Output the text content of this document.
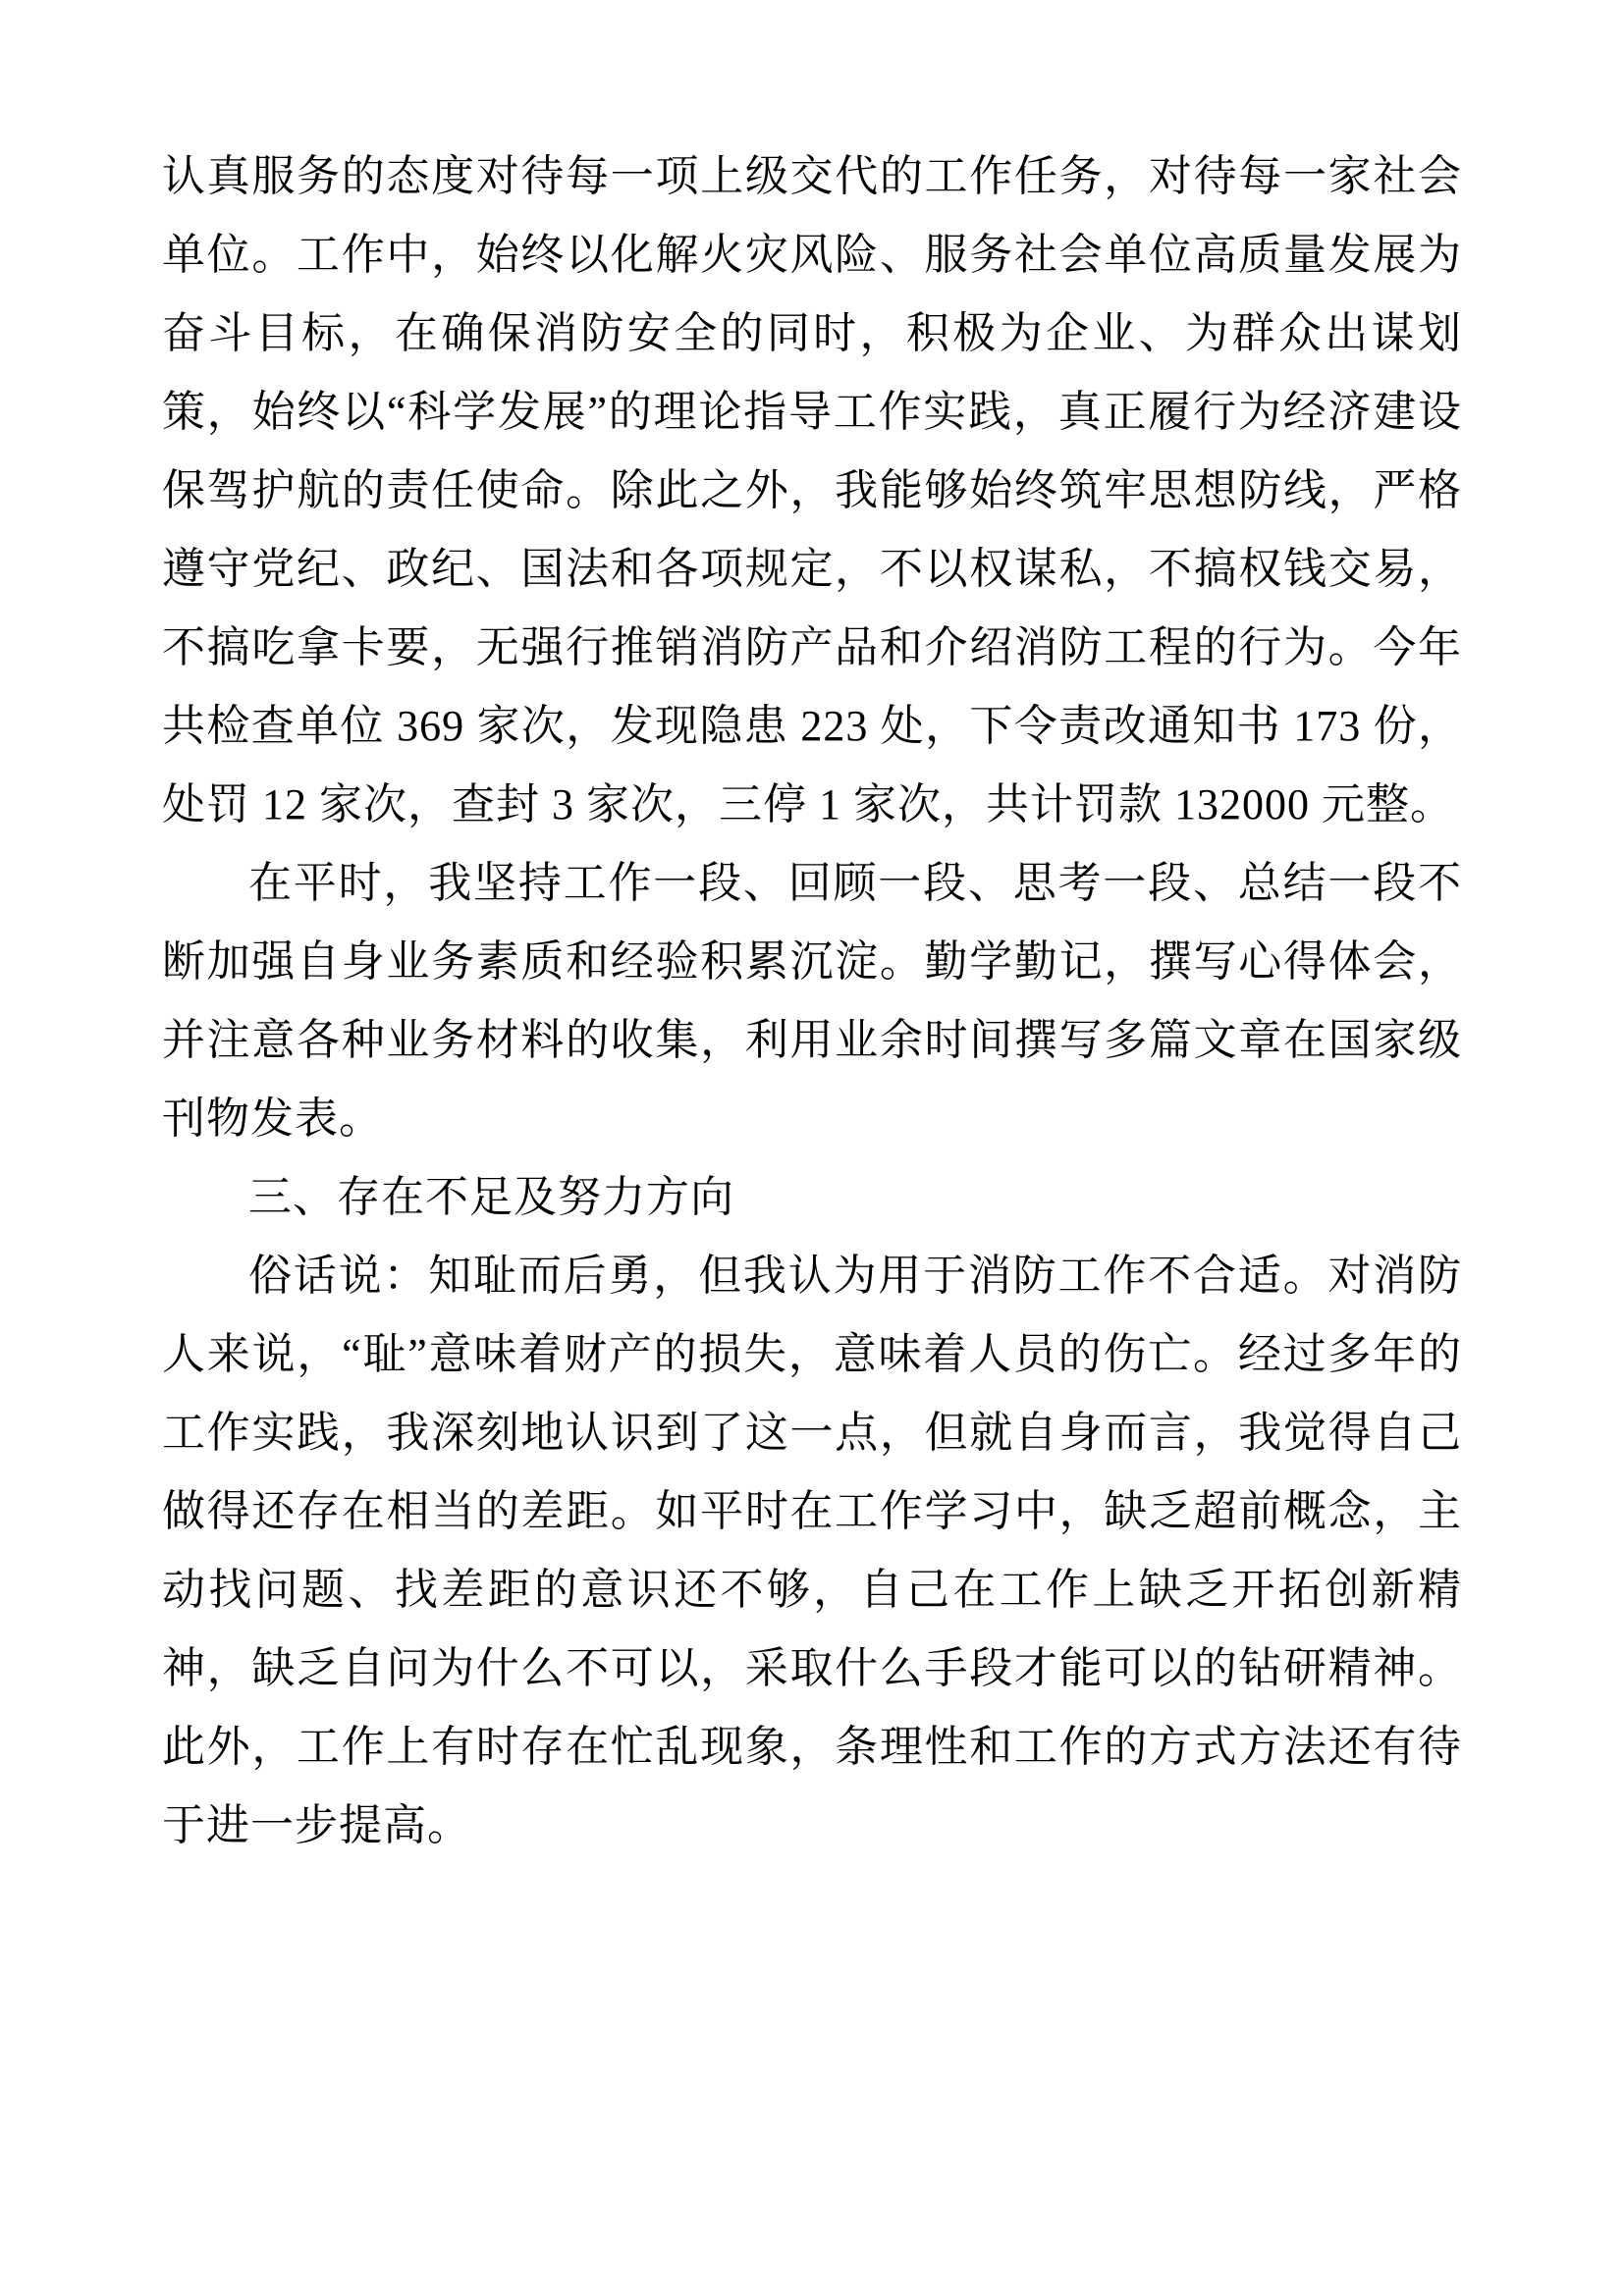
认真服务的态度对待每一项上级交代的工作任务，对待每一家社会单位。工作中，始终以化解火灾风险、服务社会单位高质量发展为奋斗目标，在确保消防安全的同时，积极为企业、为群众出谋划策，始终以“科学发展”的理论指导工作实践，真正履行为经济建设保驾护航的责任使命。除此之外，我能够始终筑牢思想防线，严格遵守党纪、政纪、国法和各项规定，不以权谋私，不搞权钱交易，不搞吃拿卡要，无强行推销消防产品和介绍消防工程的行为。今年共检查单位 369 家次，发现隐患 223 处，下令责改通知书 173 份，处罚 12 家次，查封 3 家次，三停 1 家次，共计罚款 132000 元整。

在平时，我坚持工作一段、回顾一段、思考一段、总结一段不断加强自身业务素质和经验积累沉淀。勤学勤记，撰写心得体会，并注意各种业务材料的收集，利用业余时间撰写多篇文章在国家级刊物发表。

三、存在不足及努力方向

俗话说：知耻而后勇，但我认为用于消防工作不合适。对消防人来说，“耻”意味着财产的损失，意味着人员的伤亡。经过多年的工作实践，我深刻地认识到了这一点，但就自身而言，我觉得自己做得还存在相当的差距。如平时在工作学习中，缺乏超前概念，主动找问题、找差距的意识还不够，自己在工作上缺乏开拓创新精神，缺乏自问为什么不可以，采取什么手段才能可以的钻研精神。此外，工作上有时存在忙乱现象，条理性和工作的方式方法还有待于进一步提高。
